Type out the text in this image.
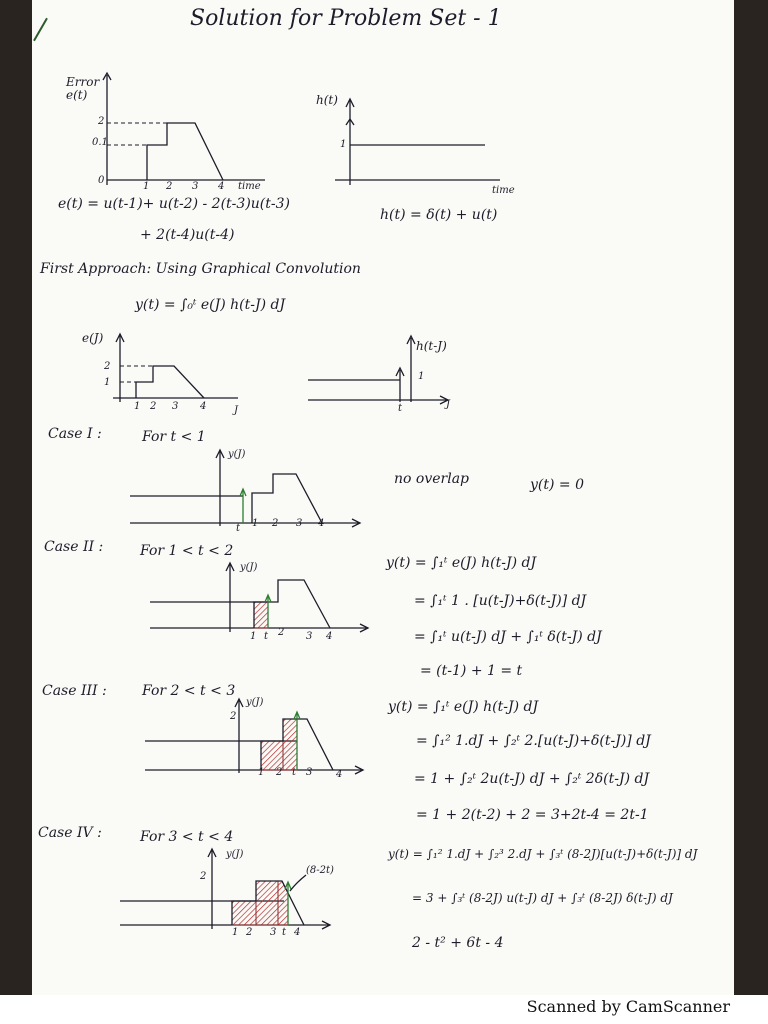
Solution for Problem Set - 1
Error
e(t)
2
0.1
0
1 2 3 4 time
h(t)
1
time
e(t) = u(t-1)+ u(t-2) - 2(t-3)u(t-3)
+ 2(t-4)u(t-4)
h(t) = δ(t) + u(t)
First Approach: Using Graphical Convolution
y(t) = ∫₀ᵗ e(J) h(t-J) dJ
e(J)
2
1
1 2 3 4	J
h(t-J)
1
t	J
Case I :	For t < 1
y(J)
t 1 2 3 4
no overlap	y(t) = 0
Case II :	For 1 < t < 2
y(J)
1 t 2 3 4
y(t) = ∫₁ᵗ e(J) h(t-J) dJ
= ∫₁ᵗ 1 . [u(t-J)+δ(t-J)] dJ
= ∫₁ᵗ u(t-J) dJ + ∫₁ᵗ δ(t-J) dJ
= (t-1) + 1 = t
Case III :	For 2 < t < 3
2
y(J)
1 2 t 3 4
y(t) = ∫₁ᵗ e(J) h(t-J) dJ
= ∫₁² 1.dJ + ∫₂ᵗ 2.[u(t-J)+δ(t-J)] dJ
= 1 + ∫₂ᵗ 2u(t-J) dJ + ∫₂ᵗ 2δ(t-J) dJ
= 1 + 2(t-2) + 2 = 3+2t-4 = 2t-1
Case IV :	For 3 < t < 4
2
y(J)
(8-2t)
1 2 3 t 4
y(t) = ∫₁² 1.dJ + ∫₂³ 2.dJ + ∫₃ᵗ (8-2J)[u(t-J)+δ(t-J)] dJ
= 3 + ∫₃ᵗ (8-2J) u(t-J) dJ + ∫₃ᵗ (8-2J) δ(t-J) dJ
2 - t² + 6t - 4
Scanned by CamScanner
